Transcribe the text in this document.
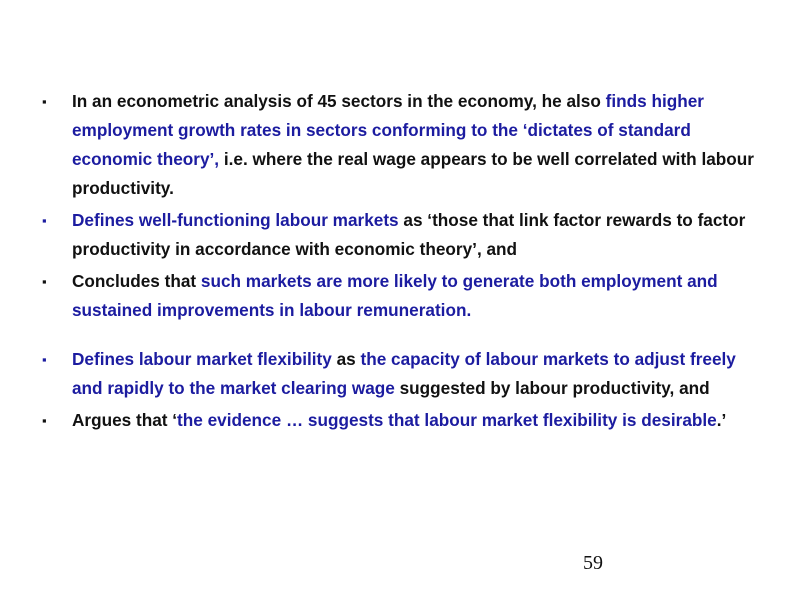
▪	In an econometric analysis of 45 sectors in the economy, he also finds higher employment growth rates in sectors conforming to the ‘dictates of standard economic theory’, i.e. where the real wage appears to be well correlated with labour productivity.
▪	Defines well-functioning labour markets as ‘those that link factor rewards to factor productivity in accordance with economic theory’, and
▪	Concludes that such markets are more likely to generate both employment and sustained improvements in labour remuneration.
▪	Defines labour market flexibility as the capacity of labour markets to adjust freely and rapidly to the market clearing wage suggested by labour productivity, and
▪	Argues that ‘the evidence … suggests that labour market flexibility is desirable.’
59
